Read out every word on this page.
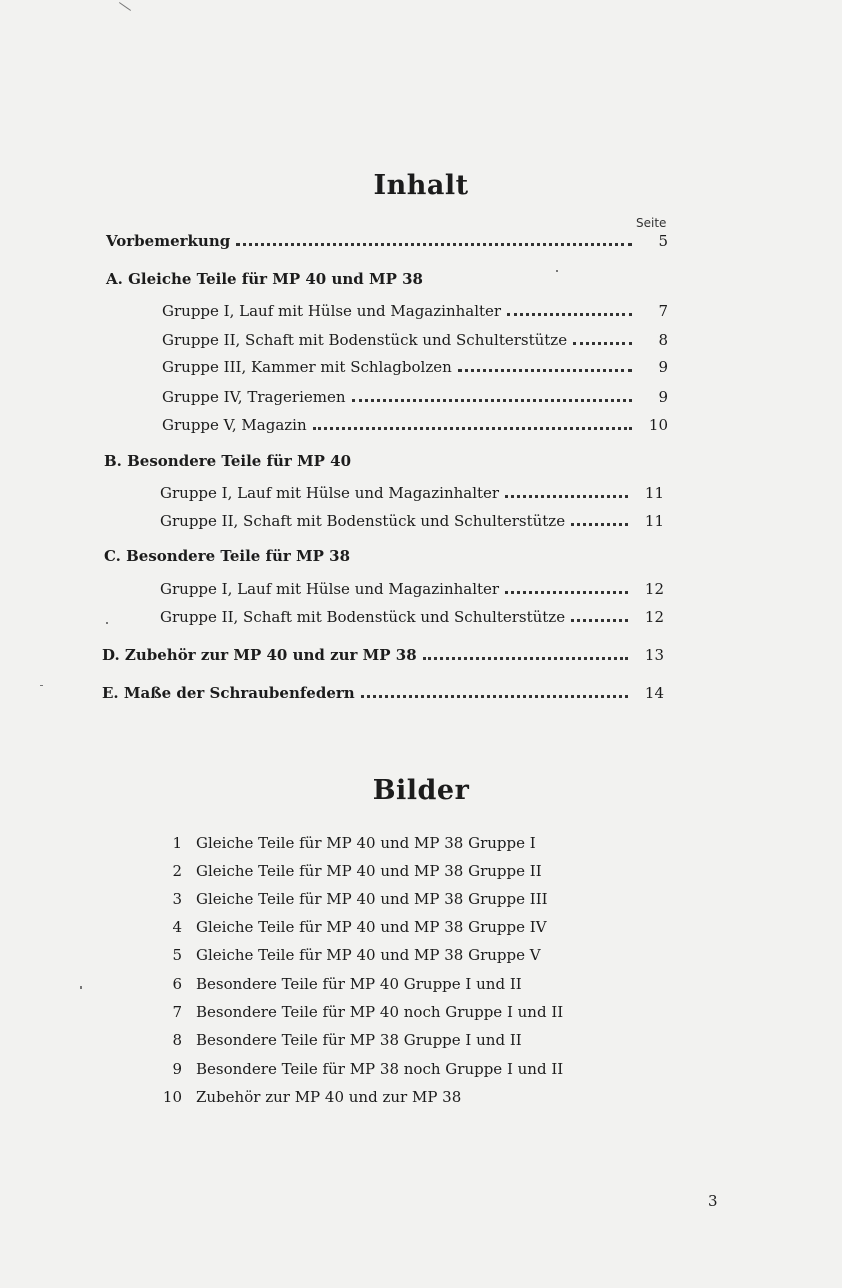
Inhalt
Seite
Vorbemerkung	5
A. Gleiche Teile für MP 40 und MP 38
Gruppe I, Lauf mit Hülse und Magazinhalter	7
Gruppe II, Schaft mit Bodenstück und Schulterstütze	8
Gruppe III, Kammer mit Schlagbolzen	9
Gruppe IV, Trageriemen	9
Gruppe V, Magazin	10
B. Besondere Teile für MP 40
Gruppe I, Lauf mit Hülse und Magazinhalter	11
Gruppe II, Schaft mit Bodenstück und Schulterstütze	11
C. Besondere Teile für MP 38
Gruppe I, Lauf mit Hülse und Magazinhalter	12
Gruppe II, Schaft mit Bodenstück und Schulterstütze	12
D. Zubehör zur MP 40 und zur MP 38	13
E. Maße der Schraubenfedern	14
Bilder
1 Gleiche Teile für MP 40 und MP 38 Gruppe I
2 Gleiche Teile für MP 40 und MP 38 Gruppe II
3 Gleiche Teile für MP 40 und MP 38 Gruppe III
4 Gleiche Teile für MP 40 und MP 38 Gruppe IV
5 Gleiche Teile für MP 40 und MP 38 Gruppe V
6 Besondere Teile für MP 40 Gruppe I und II
7 Besondere Teile für MP 40 noch Gruppe I und II
8 Besondere Teile für MP 38 Gruppe I und II
9 Besondere Teile für MP 38 noch Gruppe I und II
10 Zubehör zur MP 40 und zur MP 38
3
